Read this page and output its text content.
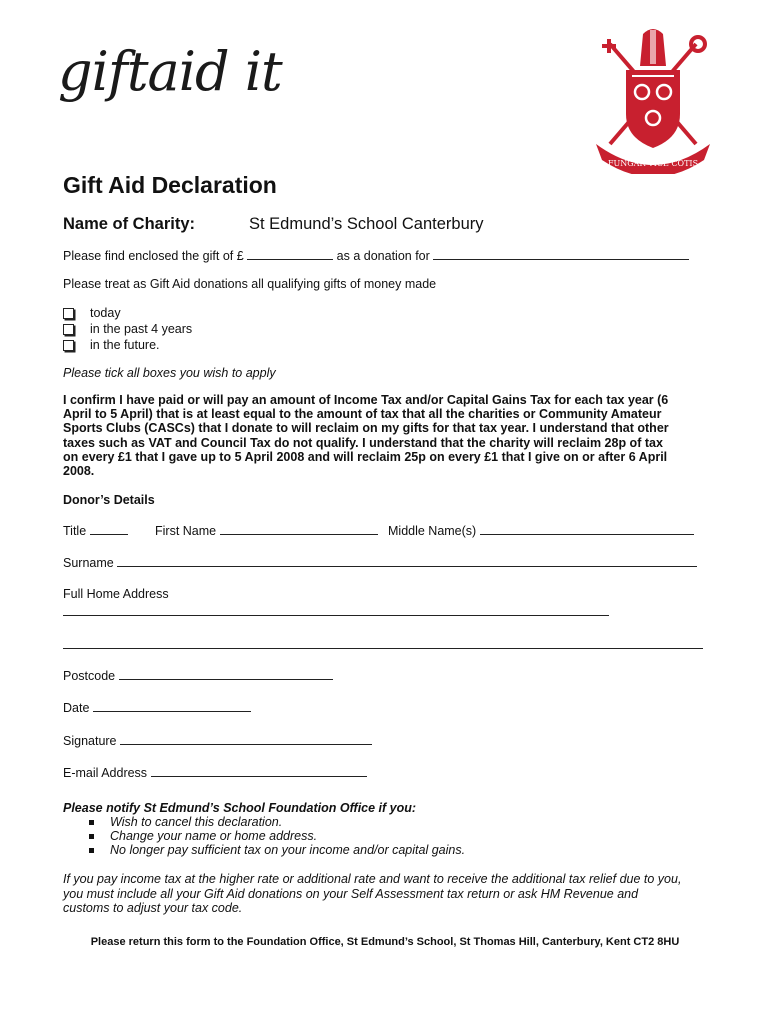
giftaid it
FUNGAR VICE COTIS
Gift Aid Declaration
Name of Charity:	St Edmund’s School Canterbury
Please find enclosed the gift of £	as a donation for
Please treat as Gift Aid donations all qualifying gifts of money made
today
in the past 4 years
in the future.
Please tick all boxes you wish to apply
I confirm I have paid or will pay an amount of Income Tax and/or Capital Gains Tax for each tax year (6
April to 5 April) that is at least equal to the amount of tax that all the charities or Community Amateur
Sports Clubs (CASCs) that I donate to will reclaim on my gifts for that tax year. I understand that other
taxes such as VAT and Council Tax do not qualify. I understand that the charity will reclaim 28p of tax
on every £1 that I gave up to 5 April 2008 and will reclaim 25p on every £1 that I give on or after 6 April
2008.
Donor’s Details
Title	First Name	Middle Name(s)
Surname
Full Home Address
Postcode
Date
Signature
E-mail Address
Please notify St Edmund’s School Foundation Office if you:
Wish to cancel this declaration.
Change your name or home address.
No longer pay sufficient tax on your income and/or capital gains.
If you pay income tax at the higher rate or additional rate and want to receive the additional tax relief due to you,
you must include all your Gift Aid donations on your Self Assessment tax return or ask HM Revenue and
customs to adjust your tax code.
Please return this form to the Foundation Office, St Edmund’s School, St Thomas Hill, Canterbury, Kent CT2 8HU
